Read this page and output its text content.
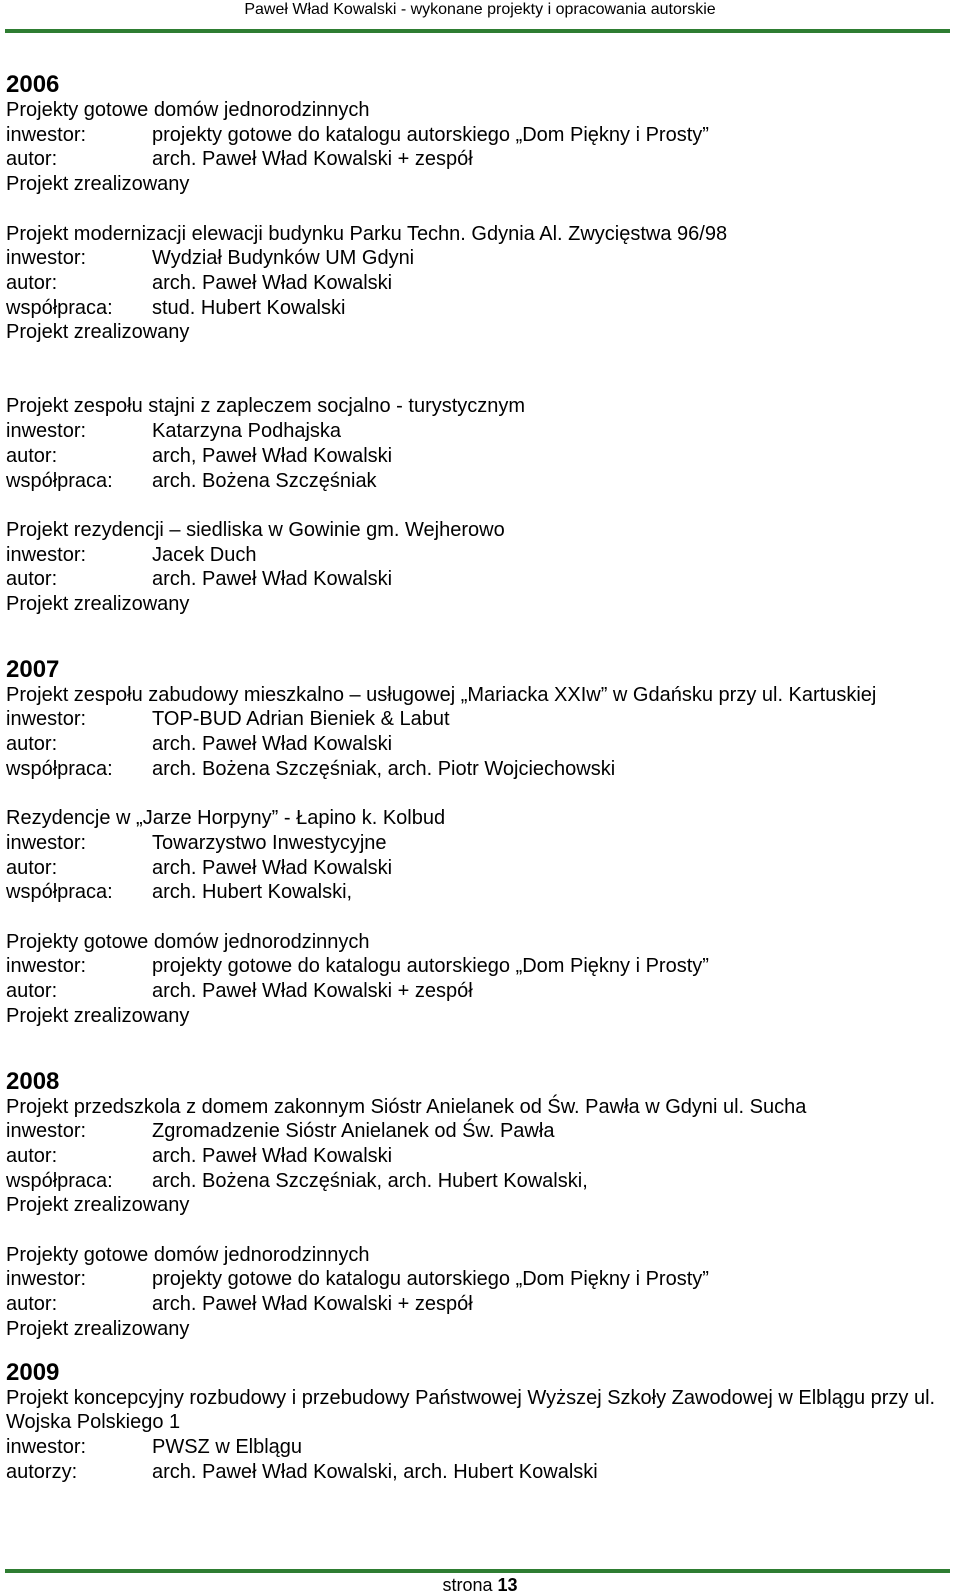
Paweł Wład Kowalski - wykonane projekty i opracowania autorskie
2006
Projekty gotowe domów jednorodzinnych
inwestor:	projekty gotowe do katalogu autorskiego „Dom Piękny i Prosty”
autor:	arch. Paweł Wład Kowalski + zespół
Projekt zrealizowany
Projekt modernizacji elewacji budynku Parku Techn. Gdynia Al. Zwycięstwa 96/98
inwestor:	Wydział Budynków UM Gdyni
autor:	arch. Paweł Wład Kowalski
współpraca:	stud. Hubert Kowalski
Projekt zrealizowany
Projekt zespołu stajni z zapleczem socjalno - turystycznym
inwestor:	Katarzyna Podhajska
autor:	arch, Paweł Wład Kowalski
współpraca:	arch. Bożena Szczęśniak
Projekt rezydencji – siedliska w Gowinie gm. Wejherowo
inwestor:	Jacek Duch
autor:	arch. Paweł Wład Kowalski
Projekt zrealizowany
2007
Projekt zespołu zabudowy mieszkalno – usługowej „Mariacka XXIw” w Gdańsku przy ul. Kartuskiej
inwestor:	TOP-BUD Adrian Bieniek & Labut
autor:	arch. Paweł Wład Kowalski
współpraca:	arch. Bożena Szczęśniak, arch. Piotr Wojciechowski
Rezydencje w „Jarze Horpyny” - Łapino k. Kolbud
inwestor:	Towarzystwo Inwestycyjne
autor:	arch. Paweł Wład Kowalski
współpraca:	arch. Hubert Kowalski,
Projekty gotowe domów jednorodzinnych
inwestor:	projekty gotowe do katalogu autorskiego „Dom Piękny i Prosty”
autor:	arch. Paweł Wład Kowalski + zespół
Projekt zrealizowany
2008
Projekt przedszkola z domem zakonnym Sióstr Anielanek od Św. Pawła w Gdyni ul. Sucha
inwestor:	Zgromadzenie Sióstr Anielanek od Św. Pawła
autor:	arch. Paweł Wład Kowalski
współpraca:	arch. Bożena Szczęśniak, arch. Hubert Kowalski,
Projekt zrealizowany
Projekty gotowe domów jednorodzinnych
inwestor:	projekty gotowe do katalogu autorskiego „Dom Piękny i Prosty”
autor:	arch. Paweł Wład Kowalski + zespół
Projekt zrealizowany
2009
Projekt koncepcyjny rozbudowy i przebudowy Państwowej Wyższej Szkoły Zawodowej w Elblągu przy ul. Wojska Polskiego 1
inwestor:	PWSZ w Elblągu
autorzy:	arch. Paweł Wład Kowalski, arch. Hubert Kowalski
strona 13
